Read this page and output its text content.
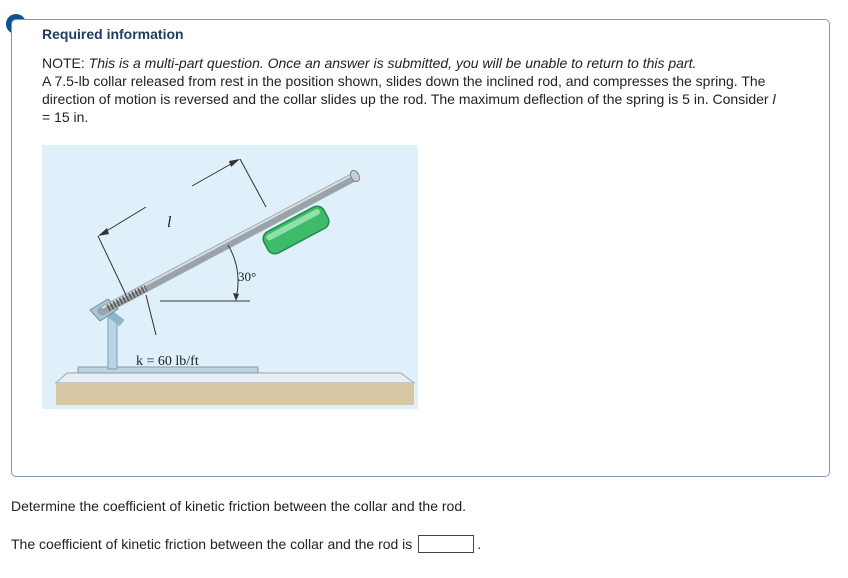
Required information
NOTE: This is a multi-part question. Once an answer is submitted, you will be unable to return to this part.
A 7.5-lb collar released from rest in the position shown, slides down the inclined rod, and compresses the spring. The direction of motion is reversed and the collar slides up the rod. The maximum deflection of the spring is 5 in. Consider l = 15 in.
30°
l
k = 60 lb/ft
Determine the coefficient of kinetic friction between the collar and the rod.
The coefficient of kinetic friction between the collar and the rod is	.
